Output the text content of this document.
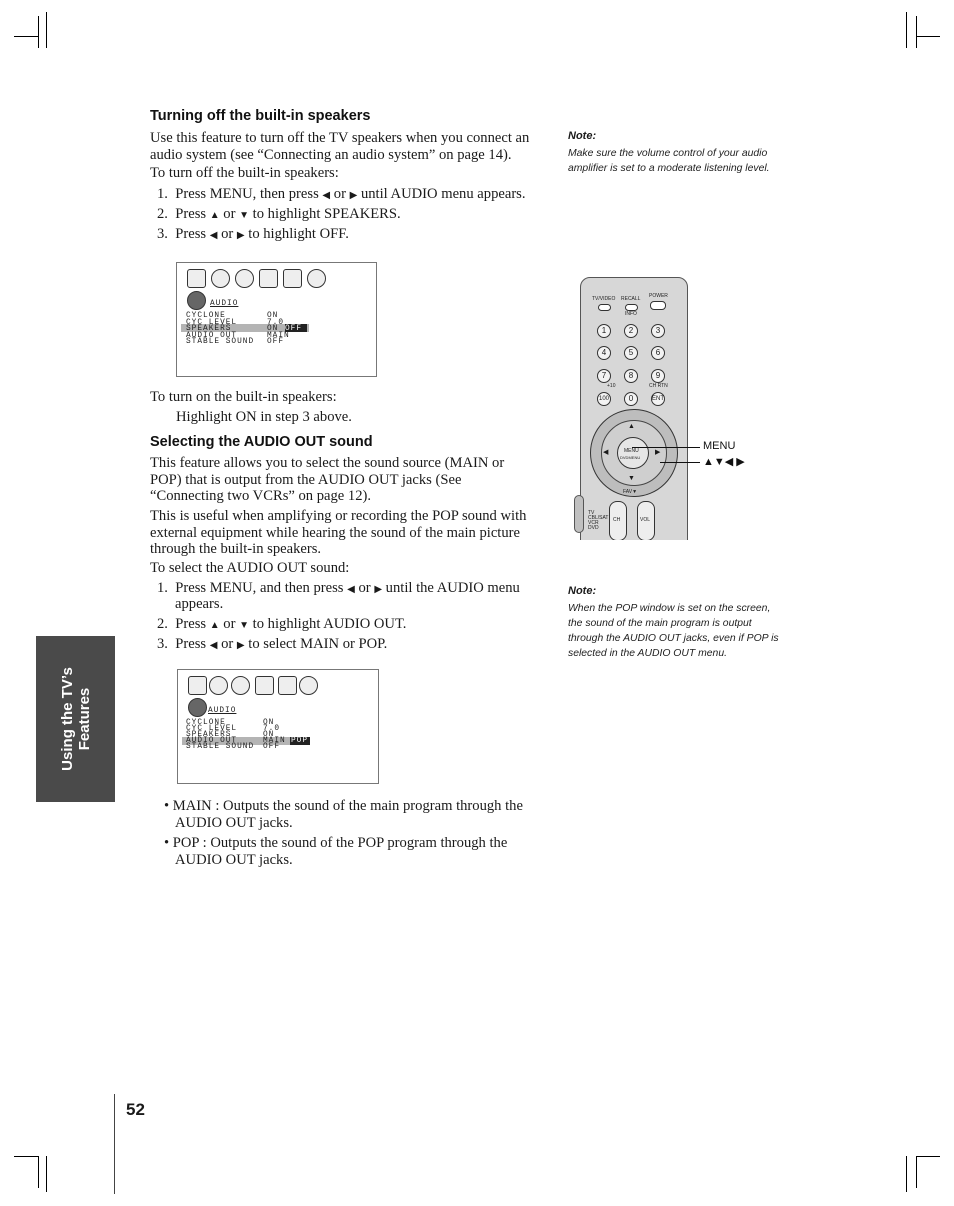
Using the TV’s Features
Turning off the built-in speakers
Use this feature to turn off the TV speakers when you connect an audio system (see “Connecting an audio system” on page 14).
To turn off the built-in speakers:
1. Press MENU, then press ◀ or ▶ until AUDIO menu appears.
2. Press ▲ or ▼ to highlight SPEAKERS.
3. Press ◀ or ▶ to highlight OFF.
AUDIO
CYCLONE	ON
CYC LEVEL	7.0
SPEAKERS	ON OFF
AUDIO OUT	MAIN
STABLE SOUND OFF
To turn on the built-in speakers:
Highlight ON in step 3 above.
Selecting the AUDIO OUT sound
This feature allows you to select the sound source (MAIN or POP) that is output from the AUDIO OUT jacks (See “Connecting two VCRs” on page 12).
This is useful when amplifying or recording the POP sound with external equipment while hearing the sound of the main picture through the built-in speakers.
To select the AUDIO OUT sound:
1. Press MENU, and then press ◀ or ▶ until the AUDIO menu
appears.
2. Press ▲ or ▼ to highlight AUDIO OUT.
3. Press ◀ or ▶ to select MAIN or POP.
AUDIO
CYCLONE	ON
CYC LEVEL	7.0
SPEAKERS	ON
AUDIO OUT	MAIN POP
STABLE SOUND OFF
• MAIN : Outputs the sound of the main program through the
AUDIO OUT jacks.
• POP : Outputs the sound of the POP program through the
AUDIO OUT jacks.
Note:
Make sure the volume control of your audio
amplifier is set to a moderate listening level.
Note:
When the POP window is set on the screen,
the sound of the main program is output
through the AUDIO OUT jacks, even if POP is
selected in the AUDIO OUT menu.
TV/VIDEO RECALL POWER
INFO
1	2	3
4	5	6
7	8	9
+10	CH RTN
100	0	ENT
▲
▼
◀	▶
MENU
DVDMENU
FAV▼
TV
CBL/SAT
VCR
DVD
CH	VOL
MENU
▲▼◀ ▶
52
